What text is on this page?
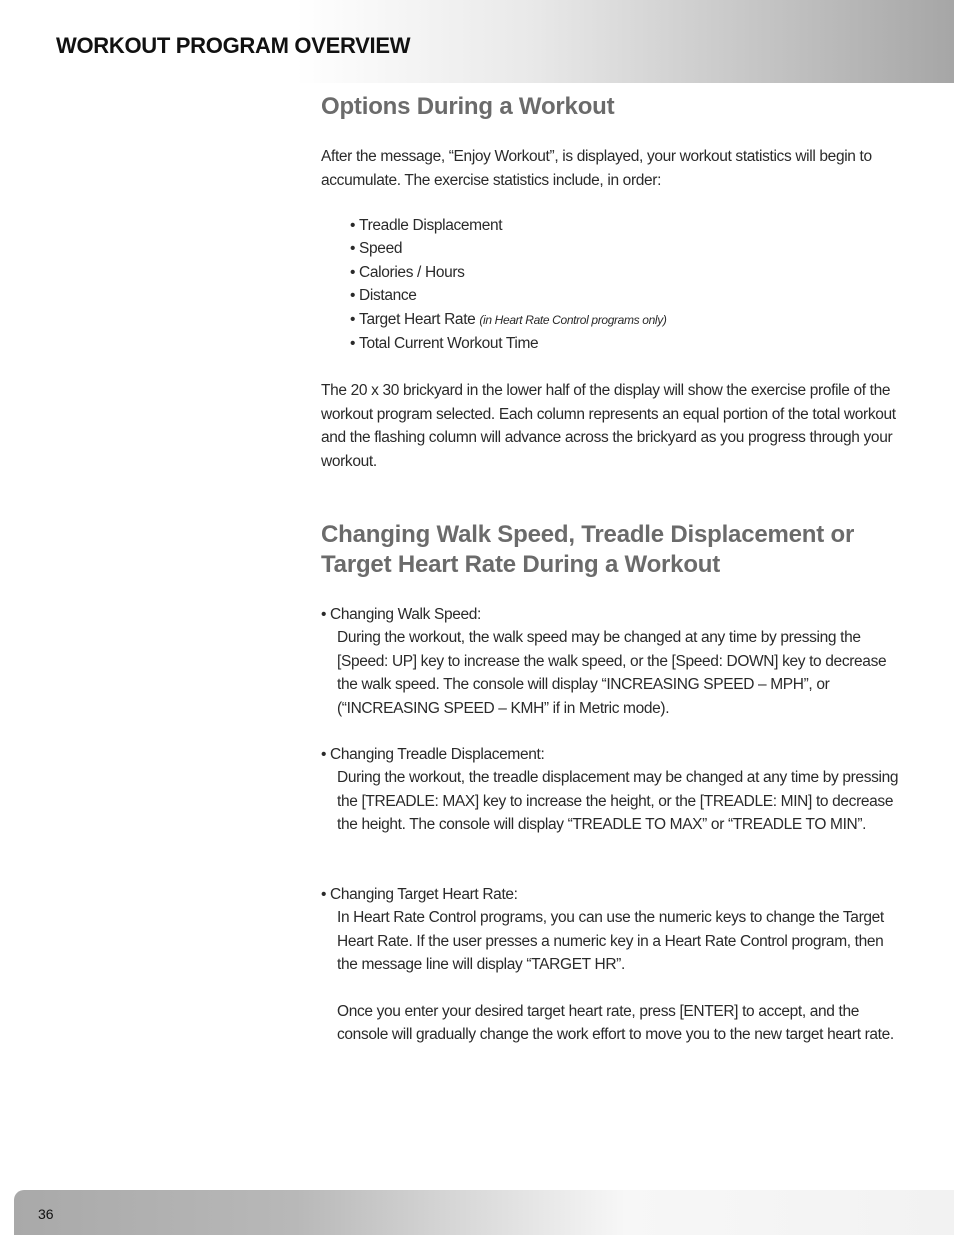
WORKOUT PROGRAM OVERVIEW
Options During a Workout
After the message, “Enjoy Workout”, is displayed, your workout statistics will begin to accumulate. The exercise statistics include, in order:
• Treadle Displacement
• Speed
• Calories / Hours
• Distance
• Target Heart Rate (in Heart Rate Control programs only)
• Total Current Workout Time
The 20 x 30 brickyard in the lower half of the display will show the exercise profile of the workout program selected. Each column represents an equal portion of the total workout and the flashing column will advance across the brickyard as you progress through your workout.
Changing Walk Speed, Treadle Displacement or Target Heart Rate During a Workout
• Changing Walk Speed:
During the workout, the walk speed may be changed at any time by pressing the [Speed: UP] key to increase the walk speed, or the [Speed: DOWN] key to decrease the walk speed. The console will display “INCREASING SPEED – MPH”, or (“INCREASING SPEED – KMH” if in Metric mode).
• Changing Treadle Displacement:
During the workout, the treadle displacement may be changed at any time by pressing the [TREADLE: MAX] key to increase the height, or the [TREADLE: MIN] to decrease the height. The console will display “TREADLE TO MAX” or “TREADLE TO MIN”.
• Changing Target Heart Rate:
In Heart Rate Control programs, you can use the numeric keys to change the Target Heart Rate. If the user presses a numeric key in a Heart Rate Control program, then the message line will display “TARGET HR”.
Once you enter your desired target heart rate, press [ENTER] to accept, and the console will gradually change the work effort to move you to the new target heart rate.
36
